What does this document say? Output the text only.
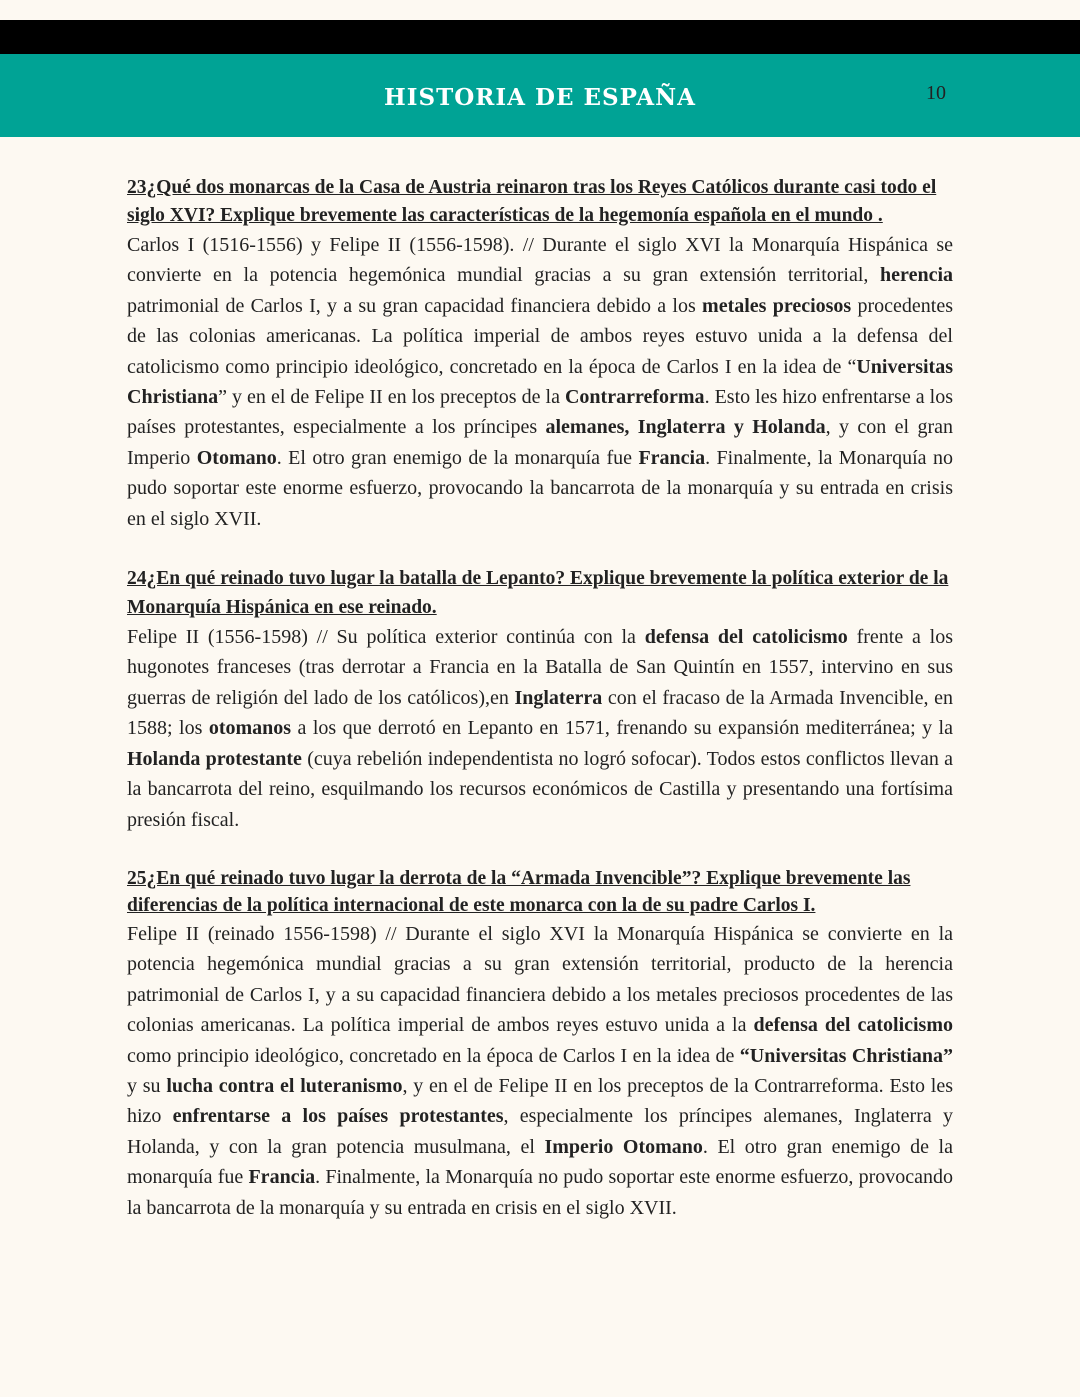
HISTORIA DE ESPAÑA	10

23¿Qué dos monarcas de la Casa de Austria reinaron tras los Reyes Católicos durante casi todo el siglo XVI? Explique brevemente las características de la hegemonía española en el mundo .

Carlos I (1516-1556) y Felipe II (1556-1598). // Durante el siglo XVI la Monarquía Hispánica se convierte en la potencia hegemónica mundial gracias a su gran extensión territorial, herencia patrimonial de Carlos I, y a su gran capacidad financiera debido a los metales preciosos procedentes de las colonias americanas. La política imperial de ambos reyes estuvo unida a la defensa del catolicismo como principio ideológico, concretado en la época de Carlos I en la idea de “Universitas Christiana” y en el de Felipe II en los preceptos de la Contrarreforma. Esto les hizo enfrentarse a los países protestantes, especialmente a los príncipes alemanes, Inglaterra y Holanda, y con el gran Imperio Otomano. El otro gran enemigo de la monarquía fue Francia. Finalmente, la Monarquía no pudo soportar este enorme esfuerzo, provocando la bancarrota de la monarquía y su entrada en crisis en el siglo XVII.

24¿En qué reinado tuvo lugar la batalla de Lepanto? Explique brevemente la política exterior de la Monarquía Hispánica en ese reinado.

Felipe II (1556-1598) // Su política exterior continúa con la defensa del catolicismo frente a los hugonotes franceses (tras derrotar a Francia en la Batalla de San Quintín en 1557, intervino en sus guerras de religión del lado de los católicos),en Inglaterra con el fracaso de la Armada Invencible, en 1588; los otomanos a los que derrotó en Lepanto en 1571, frenando su expansión mediterránea; y la Holanda protestante (cuya rebelión independentista no logró sofocar). Todos estos conflictos llevan a la bancarrota del reino, esquilmando los recursos económicos de Castilla y presentando una fortísima presión fiscal.

25¿En qué reinado tuvo lugar la derrota de la “Armada Invencible”? Explique brevemente las diferencias de la política internacional de este monarca con la de su padre Carlos I.

Felipe II (reinado 1556-1598) // Durante el siglo XVI la Monarquía Hispánica se convierte en la potencia hegemónica mundial gracias a su gran extensión territorial, producto de la herencia patrimonial de Carlos I, y a su capacidad financiera debido a los metales preciosos procedentes de las colonias americanas. La política imperial de ambos reyes estuvo unida a la defensa del catolicismo como principio ideológico, concretado en la época de Carlos I en la idea de “Universitas Christiana” y su lucha contra el luteranismo, y en el de Felipe II en los preceptos de la Contrarreforma. Esto les hizo enfrentarse a los países protestantes, especialmente los príncipes alemanes, Inglaterra y Holanda, y con la gran potencia musulmana, el Imperio Otomano. El otro gran enemigo de la monarquía fue Francia. Finalmente, la Monarquía no pudo soportar este enorme esfuerzo, provocando la bancarrota de la monarquía y su entrada en crisis en el siglo XVII.
